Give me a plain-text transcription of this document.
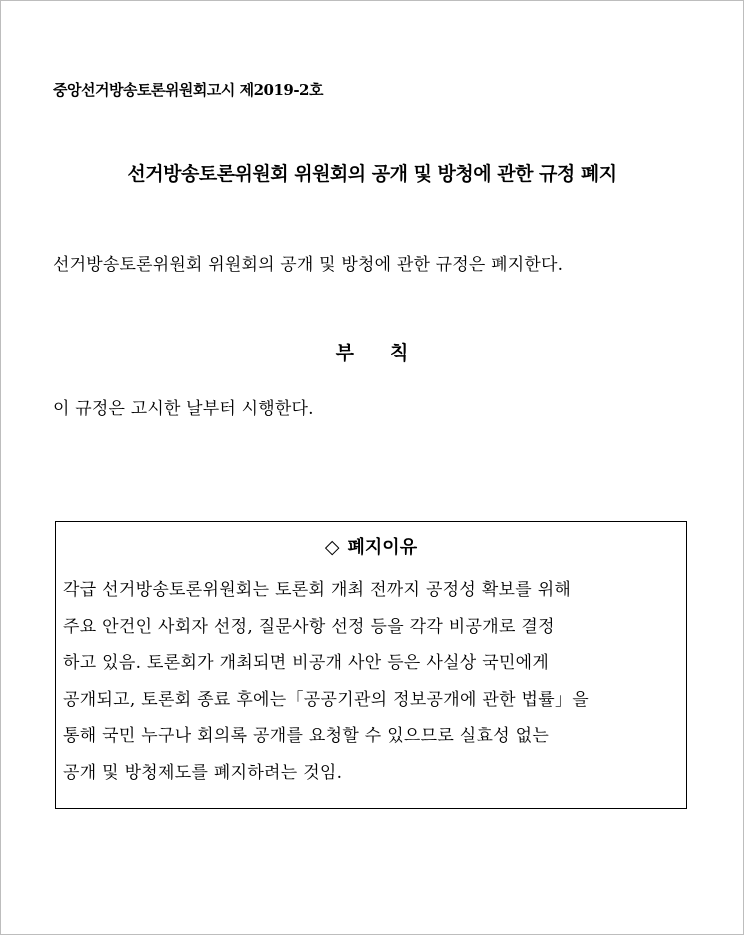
중앙선거방송토론위원회고시 제2019-2호
선거방송토론위원회 위원회의 공개 및 방청에 관한 규정 폐지
선거방송토론위원회 위원회의 공개 및 방청에 관한 규정은 폐지한다.
부 칙
이 규정은 고시한 날부터 시행한다.
◇ 폐지이유
각급 선거방송토론위원회는 토론회 개최 전까지 공정성 확보를 위해
주요 안건인 사회자 선정, 질문사항 선정 등을 각각 비공개로 결정
하고 있음. 토론회가 개최되면 비공개 사안 등은 사실상 국민에게
공개되고, 토론회 종료 후에는「공공기관의 정보공개에 관한 법률」을
통해 국민 누구나 회의록 공개를 요청할 수 있으므로 실효성 없는
공개 및 방청제도를 폐지하려는 것임.
